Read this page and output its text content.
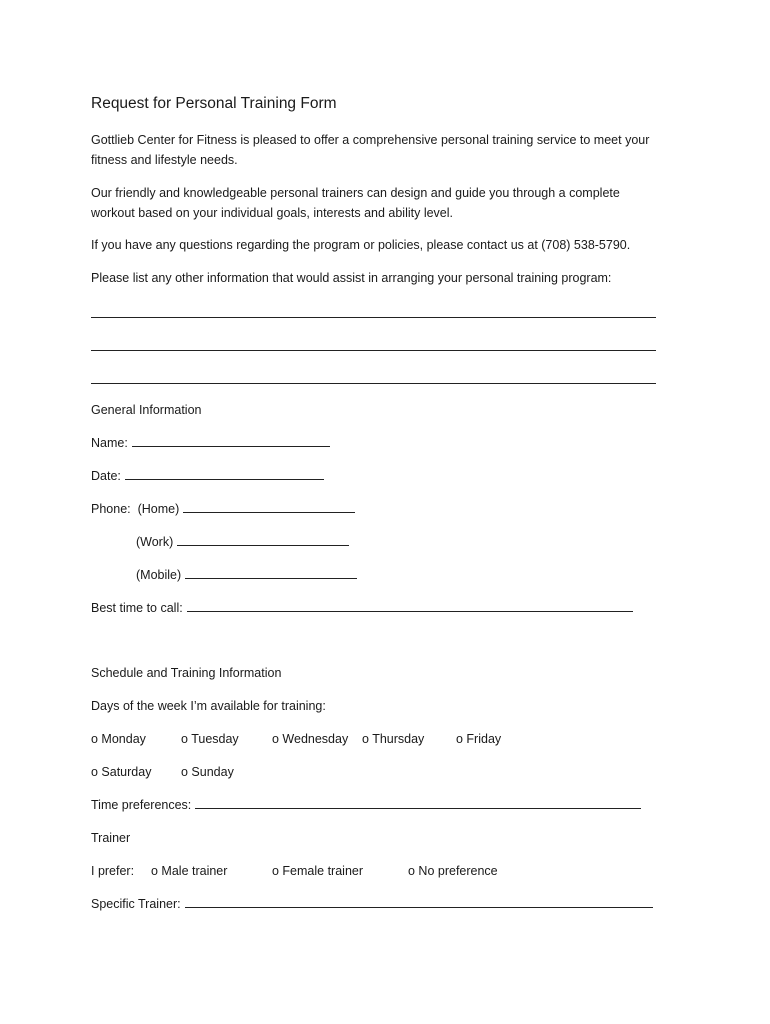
Request for Personal Training Form
Gottlieb Center for Fitness is pleased to offer a comprehensive personal training service to meet your
fitness and lifestyle needs.
Our friendly and knowledgeable personal trainers can design and guide you through a complete
workout based on your individual goals, interests and ability level.
If you have any questions regarding the program or policies, please contact us at (708) 538-5790.
Please list any other information that would assist in arranging your personal training program:
General Information
Name:
Date:
Phone: (Home)
(Work)
(Mobile)
Best time to call:
Schedule and Training Information
Days of the week I’m available for training:
o Monday	o Tuesday	o Wednesday o Thursday	o Friday
o Saturday o Sunday
Time preferences:
Trainer
I prefer: o Male trainer	o Female trainer	o No preference
Specific Trainer:
